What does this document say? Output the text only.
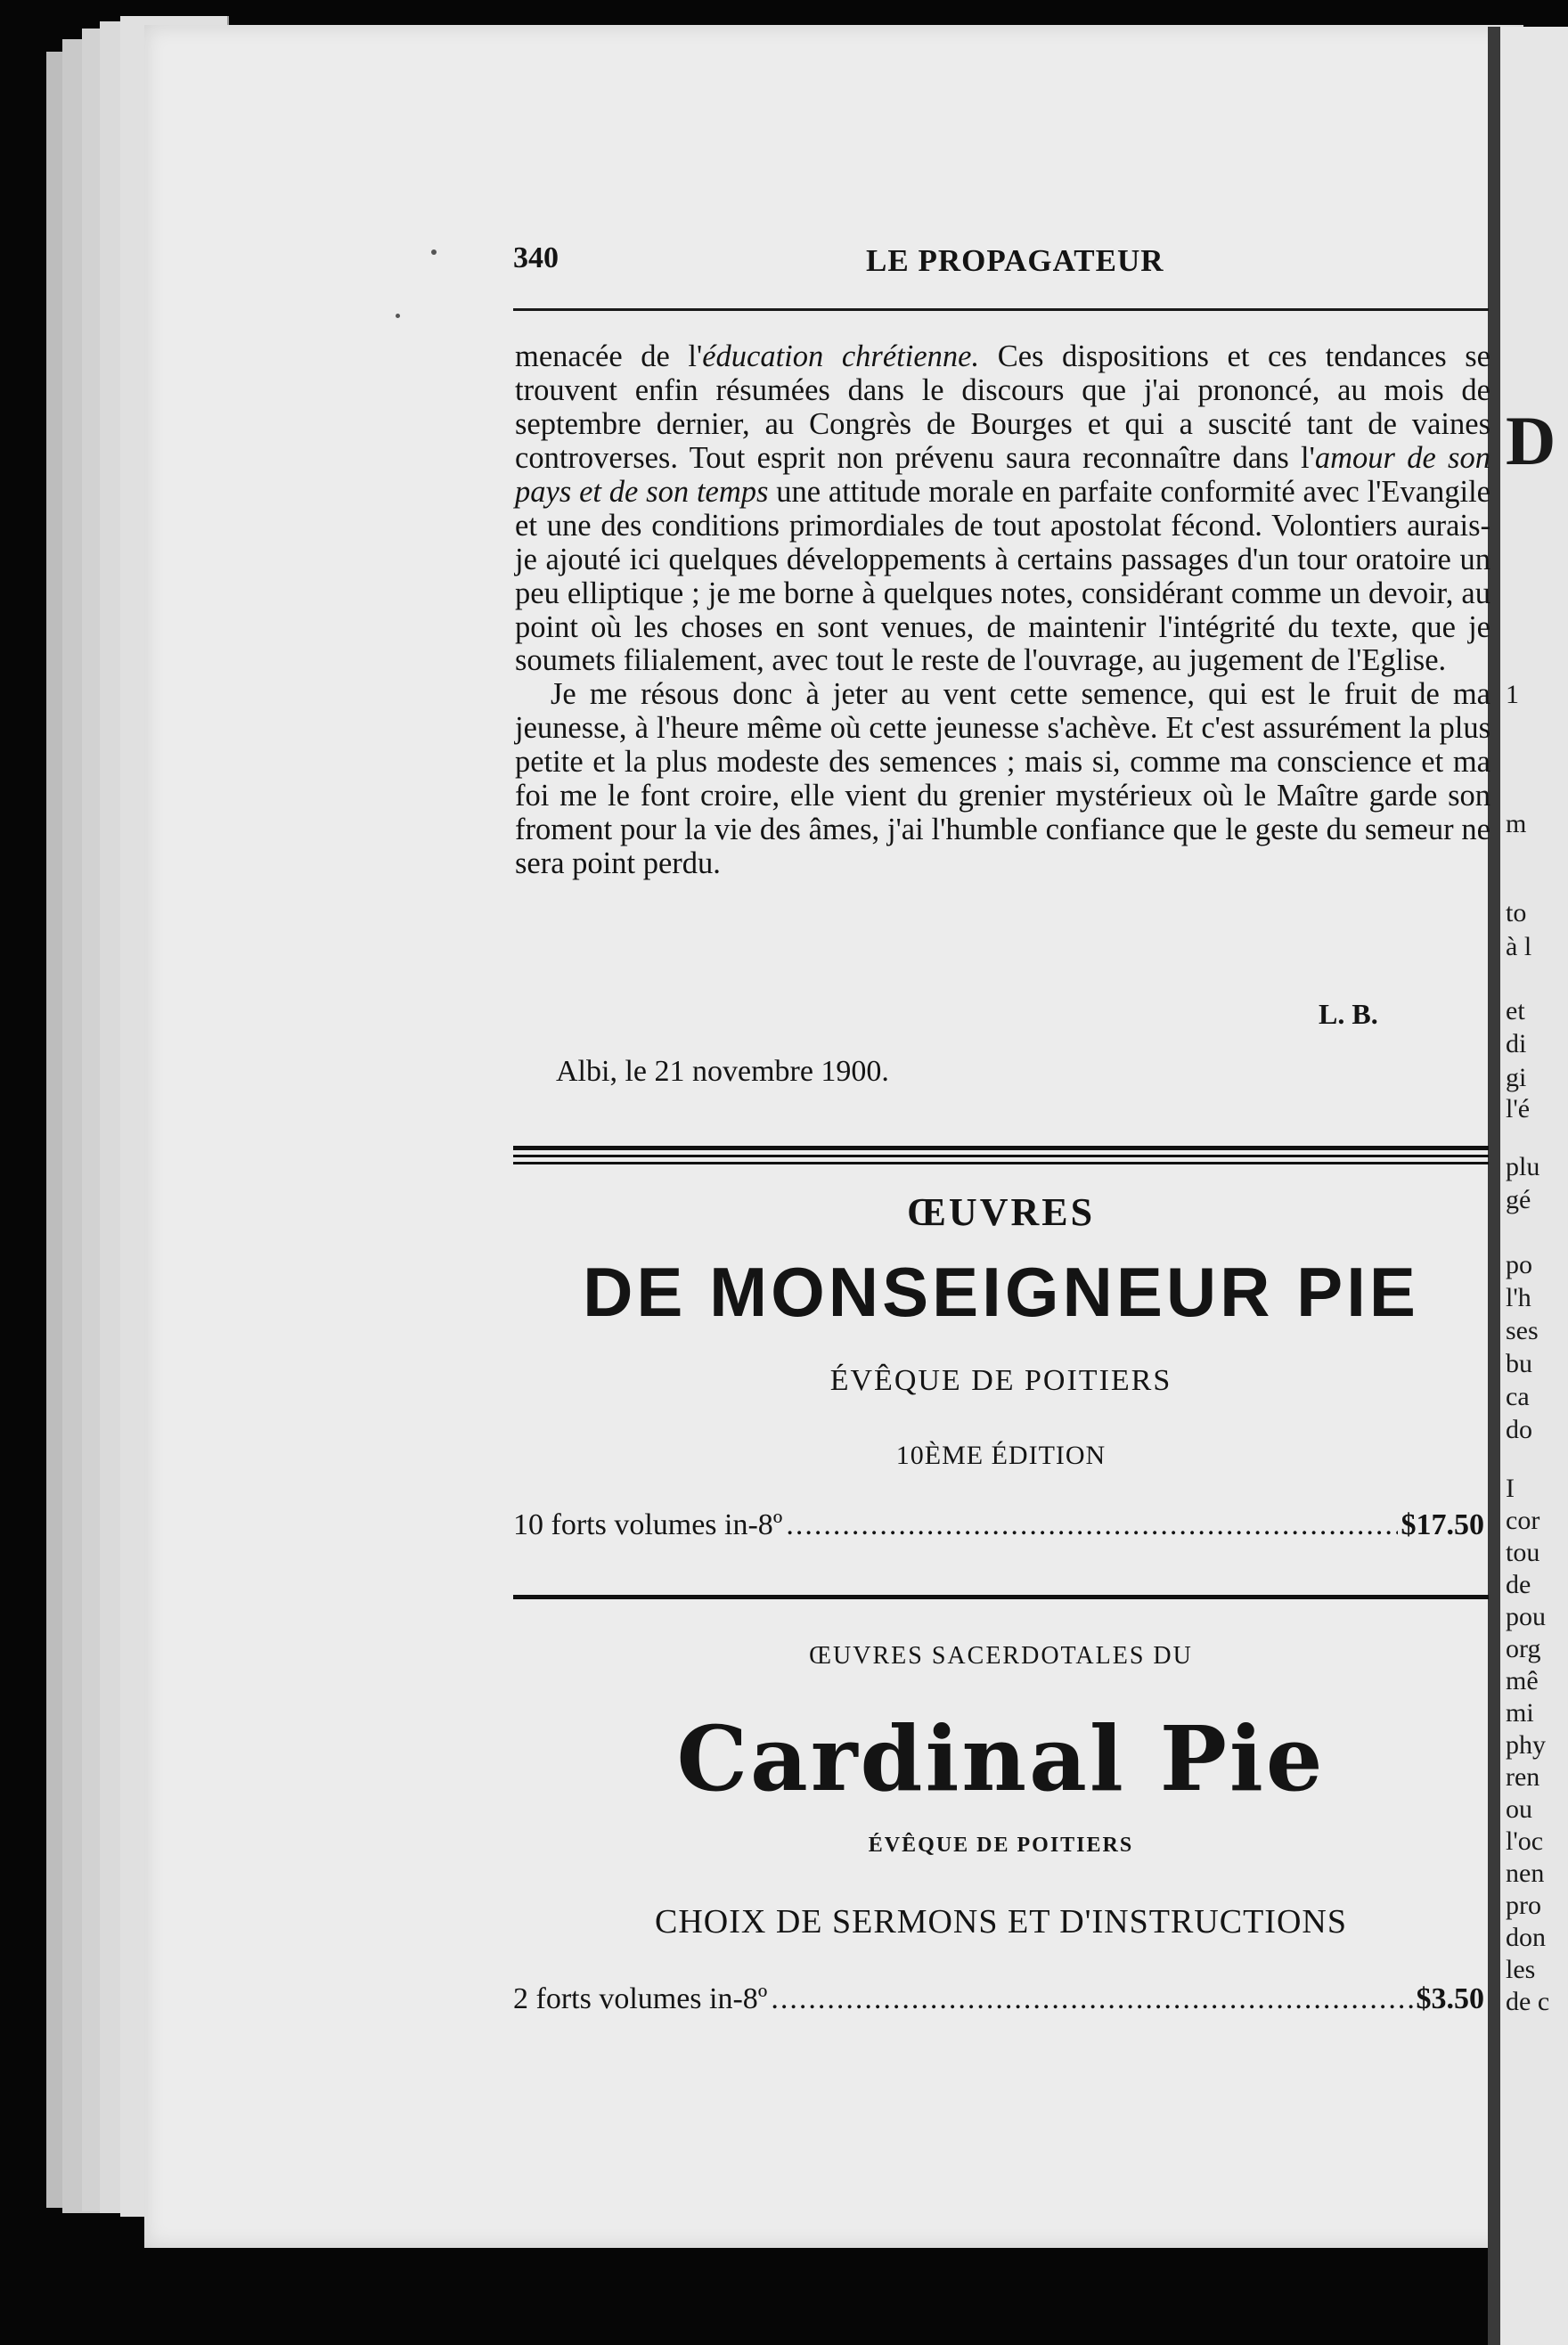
D
1
m
to
à l
et
di
gi
l'é
plu
gé
po
l'h
ses
bu
ca
do
I
cor
tou
de
pou
org
mê
mi
phy
ren
ou
l'oc
nen
pro
don
les
de c
340	LE PROPAGATEUR

menacée de l'éducation chrétienne. Ces dispositions et ces tendances se trouvent enfin résumées dans le discours que j'ai prononcé, au mois de septembre dernier, au Congrès de Bourges et qui a suscité tant de vaines controverses. Tout esprit non prévenu saura reconnaître dans l'amour de son pays et de son temps une attitude morale en parfaite conformité avec l'Evangile et une des conditions primordiales de tout apostolat fécond. Volontiers aurais-je ajouté ici quelques développements à certains passages d'un tour oratoire un peu elliptique ; je me borne à quelques notes, considérant comme un devoir, au point où les choses en sont venues, de maintenir l'intégrité du texte, que je soumets filialement, avec tout le reste de l'ouvrage, au jugement de l'Eglise.

Je me résous donc à jeter au vent cette semence, qui est le fruit de ma jeunesse, à l'heure même où cette jeunesse s'achève. Et c'est assurément la plus petite et la plus modeste des semences ; mais si, comme ma conscience et ma foi me le font croire, elle vient du grenier mystérieux où le Maître garde son froment pour la vie des âmes, j'ai l'humble confiance que le geste du semeur ne sera point perdu.

L. B.
Albi, le 21 novembre 1900.
ŒUVRES
DE MONSEIGNEUR PIE
ÉVÊQUE DE POITIERS
10ÈME ÉDITION
10 forts volumes in-8º .....	$17.50
ŒUVRES SACERDOTALES DU
Cardinal Pie
ÉVÊQUE DE POITIERS
CHOIX DE SERMONS ET D'INSTRUCTIONS
2 forts volumes in-8º .....	$3.50
